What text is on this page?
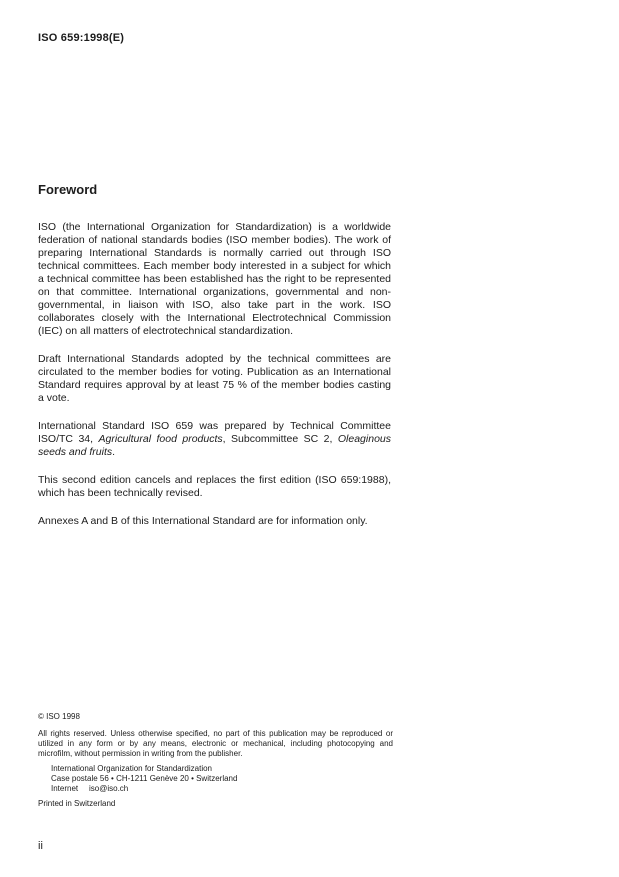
ISO 659:1998(E)
Foreword

ISO (the International Organization for Standardization) is a worldwide federation of national standards bodies (ISO member bodies). The work of preparing International Standards is normally carried out through ISO technical committees. Each member body interested in a subject for which a technical committee has been established has the right to be represented on that committee. International organizations, governmental and non-governmental, in liaison with ISO, also take part in the work. ISO collaborates closely with the International Electrotechnical Commission (IEC) on all matters of electrotechnical standardization.

Draft International Standards adopted by the technical committees are circulated to the member bodies for voting. Publication as an International Standard requires approval by at least 75 % of the member bodies casting a vote.

International Standard ISO 659 was prepared by Technical Committee ISO/TC 34, Agricultural food products, Subcommittee SC 2, Oleaginous seeds and fruits.

This second edition cancels and replaces the first edition (ISO 659:1988), which has been technically revised.

Annexes A and B of this International Standard are for information only.

© ISO 1998

All rights reserved. Unless otherwise specified, no part of this publication may be reproduced or utilized in any form or by any means, electronic or mechanical, including photocopying and microfilm, without permission in writing from the publisher.

International Organization for Standardization
Case postale 56 • CH-1211 Genève 20 • Switzerland
Internet iso@iso.ch

Printed in Switzerland

ii
